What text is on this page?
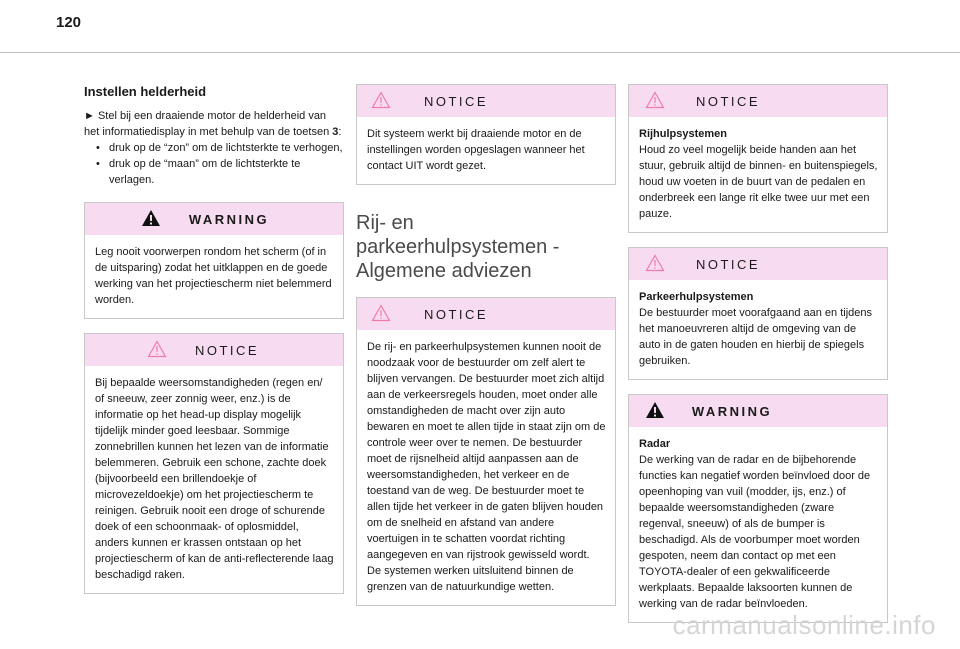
120
Instellen helderheid

► Stel bij een draaiende motor de helderheid van het informatiedisplay in met behulp van de toetsen 3:

• druk op de “zon” om de lichtsterkte te verhogen,
• druk op de “maan” om de lichtsterkte te verlagen.
WARNING
Leg nooit voorwerpen rondom het scherm (of in de uitsparing) zodat het uitklappen en de goede werking van het projectiescherm niet belemmerd worden.
NOTICE
Bij bepaalde weersomstandigheden (regen en/ of sneeuw, zeer zonnig weer, enz.) is de informatie op het head-up display mogelijk tijdelijk minder goed leesbaar. Sommige zonnebrillen kunnen het lezen van de informatie belemmeren. Gebruik een schone, zachte doek (bijvoorbeeld een brillendoekje of microvezeldoekje) om het projectiescherm te reinigen. Gebruik nooit een droge of schurende doek of een schoonmaak- of oplosmiddel, anders kunnen er krassen ontstaan op het projectiescherm of kan de anti-reflecterende laag beschadigd raken.
NOTICE
Dit systeem werkt bij draaiende motor en de instellingen worden opgeslagen wanneer het contact UIT wordt gezet.
Rij- en
parkeerhulpsystemen -
Algemene adviezen
NOTICE
De rij- en parkeerhulpsystemen kunnen nooit de noodzaak voor de bestuurder om zelf alert te blijven vervangen. De bestuurder moet zich altijd aan de verkeersregels houden, moet onder alle omstandigheden de macht over zijn auto bewaren en moet te allen tijde in staat zijn om de controle weer over te nemen. De bestuurder moet de rijsnelheid altijd aanpassen aan de weersomstandigheden, het verkeer en de toestand van de weg. De bestuurder moet te allen tijde het verkeer in de gaten blijven houden om de snelheid en afstand van andere voertuigen in te schatten voordat richting aangegeven en van rijstrook gewisseld wordt. De systemen werken uitsluitend binnen de grenzen van de natuurkundige wetten.
NOTICE
Rijhulpsystemen
Houd zo veel mogelijk beide handen aan het stuur, gebruik altijd de binnen- en buitenspiegels, houd uw voeten in de buurt van de pedalen en onderbreek een lange rit elke twee uur met een pauze.
NOTICE
Parkeerhulpsystemen
De bestuurder moet voorafgaand aan en tijdens het manoeuvreren altijd de omgeving van de auto in de gaten houden en hierbij de spiegels gebruiken.
WARNING
Radar
De werking van de radar en de bijbehorende functies kan negatief worden beïnvloed door de opeenhoping van vuil (modder, ijs, enz.) of bepaalde weersomstandigheden (zware regenval, sneeuw) of als de bumper is beschadigd. Als de voorbumper moet worden gespoten, neem dan contact op met een TOYOTA-dealer of een gekwalificeerde werkplaats. Bepaalde laksoorten kunnen de werking van de radar beïnvloeden.
carmanualsonline.info
